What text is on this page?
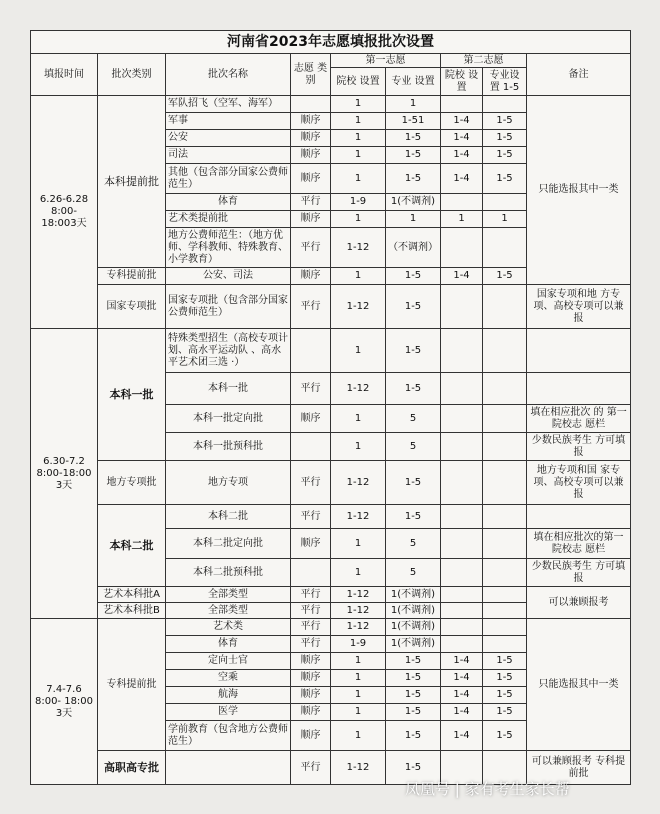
河南省2023年志愿填报批次设置								
填报时间	批次类别	批次名称	志愿 类别	第一志愿		第二志愿		备注
				院校 设置	专业 设置	院校 设置	专业设置 1-5	
6.26-6.28 8:00- 18:003天	本科提前批	军队招飞（空军、海军）		1	1			只能选报其中一类
		军事	顺序	1	1-51	1-4	1-5	
		公安	顺序	1	1-5	1-4	1-5	
		司法	顺序	1	1-5	1-4	1-5	
		其他（包含部分国家公费师范生）	顺序	1	1-5	1-4	1-5	
		体育	平行	1-9	1(不调剂)			
		艺术类提前批	顺序	1	1	1	1	
		地方公费师范生：（地方优师、学科教师、特殊教育、小学教育）	平行	1-12	（不调剂）			
	专科提前批	公安、司法	顺序	1	1-5	1-4	1-5	
	国家专项批	国家专项批（包含部分国家公费师范生）	平行	1-12	1-5			国家专项和地 方专项、高校专项可以兼报
6.30-7.2 8:00-18:00 3天	本科一批	特殊类型招生（高校专项计划、高水平运动队 、高水平艺术团三选 ·）		1	1-5			
		本科一批	平行	1-12	1-5			
		本科一批定向批	顺序	1	5			填在相应批次 的 第一院校志 愿栏
		本科一批预科批		1	5			少数民族考生 方可填报
	地方专项批	地方专项	平行	1-12	1-5			地方专项和国 家专项、高校专项可以兼报
	本科二批	本科二批	平行	1-12	1-5			
		本科二批定向批	顺序	1	5			填在相应批次的第一院校志 愿栏
		本科二批预科批		1	5			少数民族考生 方可填报
	艺术本科批A	全部类型	平行	1-12	1(不调剂)			可以兼顾报考
	艺术本科批B	全部类型	平行	1-12	1(不调剂)			
7.4-7.6 8:00- 18:00 3天	专科提前批	艺术类	平行	1-12	1(不调剂)			只能选报其中一类
		体育	平行	1-9	1(不调剂)			
		定向士官	顺序	1	1-5	1-4	1-5	
		空乘	顺序	1	1-5	1-4	1-5	
		航海	顺序	1	1-5	1-4	1-5	
		医学	顺序	1	1-5	1-4	1-5	
		学前教育（包含地方公费师范生）	顺序	1	1-5	1-4	1-5	
	高职高专批		平行	1-12	1-5			可以兼顾报考 专科提前批
凤凰号 | 家有考生家长帮
